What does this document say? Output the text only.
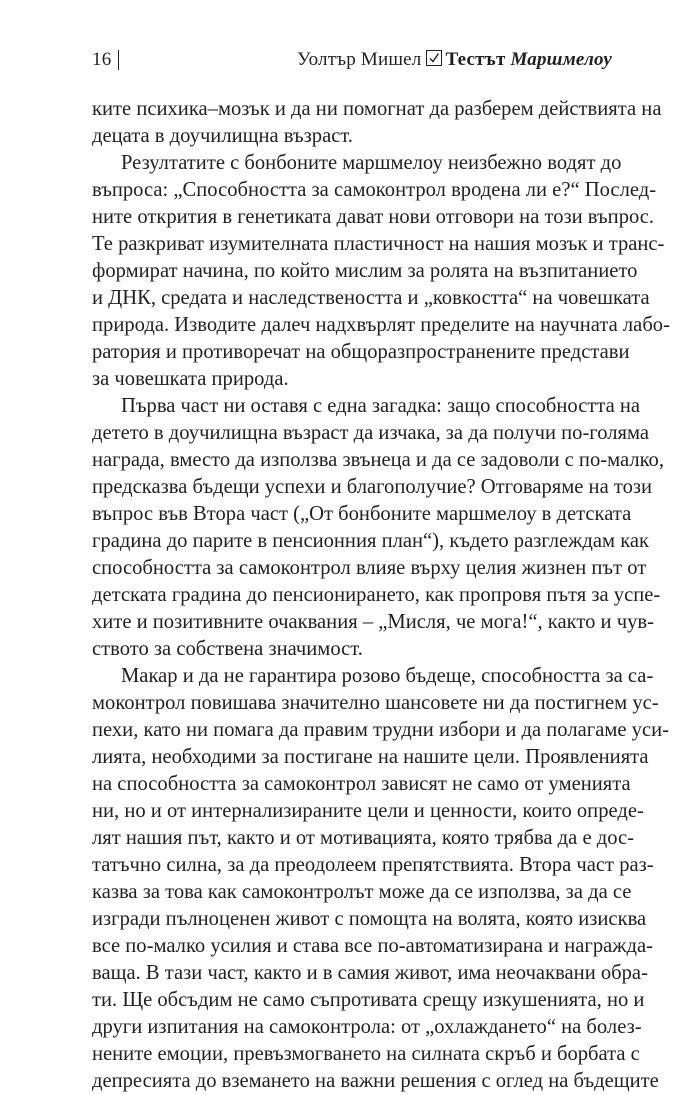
16	Уолтър Мишел Тестът Маршмелоу
ките психика–мозък и да ни помогнат да разберем действията на
децата в доучилищна възраст.
Резултатите с бонбоните маршмелоу неизбежно водят до
въпроса: „Способността за самоконтрол вродена ли е?“ Послед-
ните открития в генетиката дават нови отговори на този въпрос.
Те разкриват изумителната пластичност на нашия мозък и транс-
формират начина, по който мислим за ролята на възпитанието
и ДНК, средата и наследствеността и „ковкостта“ на човешката
природа. Изводите далеч надхвърлят пределите на научната лабо-
ратория и противоречат на общоразпространените представи
за човешката природа.
Първа част ни оставя с една загадка: защо способността на
детето в доучилищна възраст да изчака, за да получи по-голяма
награда, вместо да използва звънеца и да се задоволи с по-малко,
предсказва бъдещи успехи и благополучие? Отговаряме на този
въпрос във Втора част („От бонбоните маршмелоу в детската
градина до парите в пенсионния план“), където разглеждам как
способността за самоконтрол влияе върху целия жизнен път от
детската градина до пенсионирането, как пропровя пътя за успе-
хите и позитивните очаквания – „Мисля, че мога!“, както и чув-
ството за собствена значимост.
Макар и да не гарантира розово бъдеще, способността за са-
моконтрол повишава значително шансовете ни да постигнем ус-
пехи, като ни помага да правим трудни избори и да полагаме уси-
лията, необходими за постигане на нашите цели. Проявленията
на способността за самоконтрол зависят не само от уменията
ни, но и от интернализираните цели и ценности, които опреде-
лят нашия път, както и от мотивацията, която трябва да е дос-
татъчно силна, за да преодолеем препятствията. Втора част раз-
казва за това как самоконтролът може да се използва, за да се
изгради пълноценен живот с помощта на волята, която изисква
все по-малко усилия и става все по-автоматизирана и награжда-
ваща. В тази част, както и в самия живот, има неочаквани обра-
ти. Ще обсъдим не само съпротивата срещу изкушенията, но и
други изпитания на самоконтрола: от „охлаждането“ на болез-
нените емоции, превъзмогването на силната скръб и борбата с
депресията до вземането на важни решения с оглед на бъдещите
